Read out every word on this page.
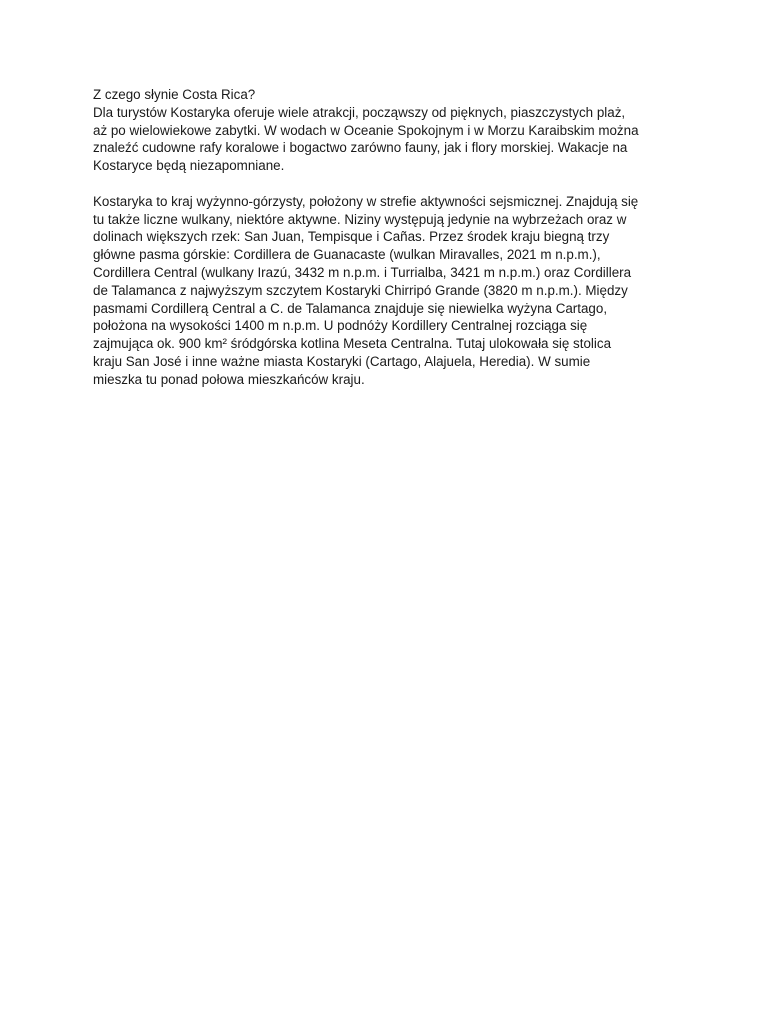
Z czego słynie Costa Rica?
Dla turystów Kostaryka oferuje wiele atrakcji, począwszy od pięknych, piaszczystych plaż,
aż po wielowiekowe zabytki. W wodach w Oceanie Spokojnym i w Morzu Karaibskim można
znaleźć cudowne rafy koralowe i bogactwo zarówno fauny, jak i flory morskiej. Wakacje na
Kostaryce będą niezapomniane.
Kostaryka to kraj wyżynno-górzysty, położony w strefie aktywności sejsmicznej. Znajdują się
tu także liczne wulkany, niektóre aktywne. Niziny występują jedynie na wybrzeżach oraz w
dolinach większych rzek: San Juan, Tempisque i Cañas. Przez środek kraju biegną trzy
główne pasma górskie: Cordillera de Guanacaste (wulkan Miravalles, 2021 m n.p.m.),
Cordillera Central (wulkany Irazú, 3432 m n.p.m. i Turrialba, 3421 m n.p.m.) oraz Cordillera
de Talamanca z najwyższym szczytem Kostaryki Chirripó Grande (3820 m n.p.m.). Między
pasmami Cordillerą Central a C. de Talamanca znajduje się niewielka wyżyna Cartago,
położona na wysokości 1400 m n.p.m. U podnóży Kordillery Centralnej rozciąga się
zajmująca ok. 900 km² śródgórska kotlina Meseta Centralna. Tutaj ulokowała się stolica
kraju San José i inne ważne miasta Kostaryki (Cartago, Alajuela, Heredia). W sumie
mieszka tu ponad połowa mieszkańców kraju.
